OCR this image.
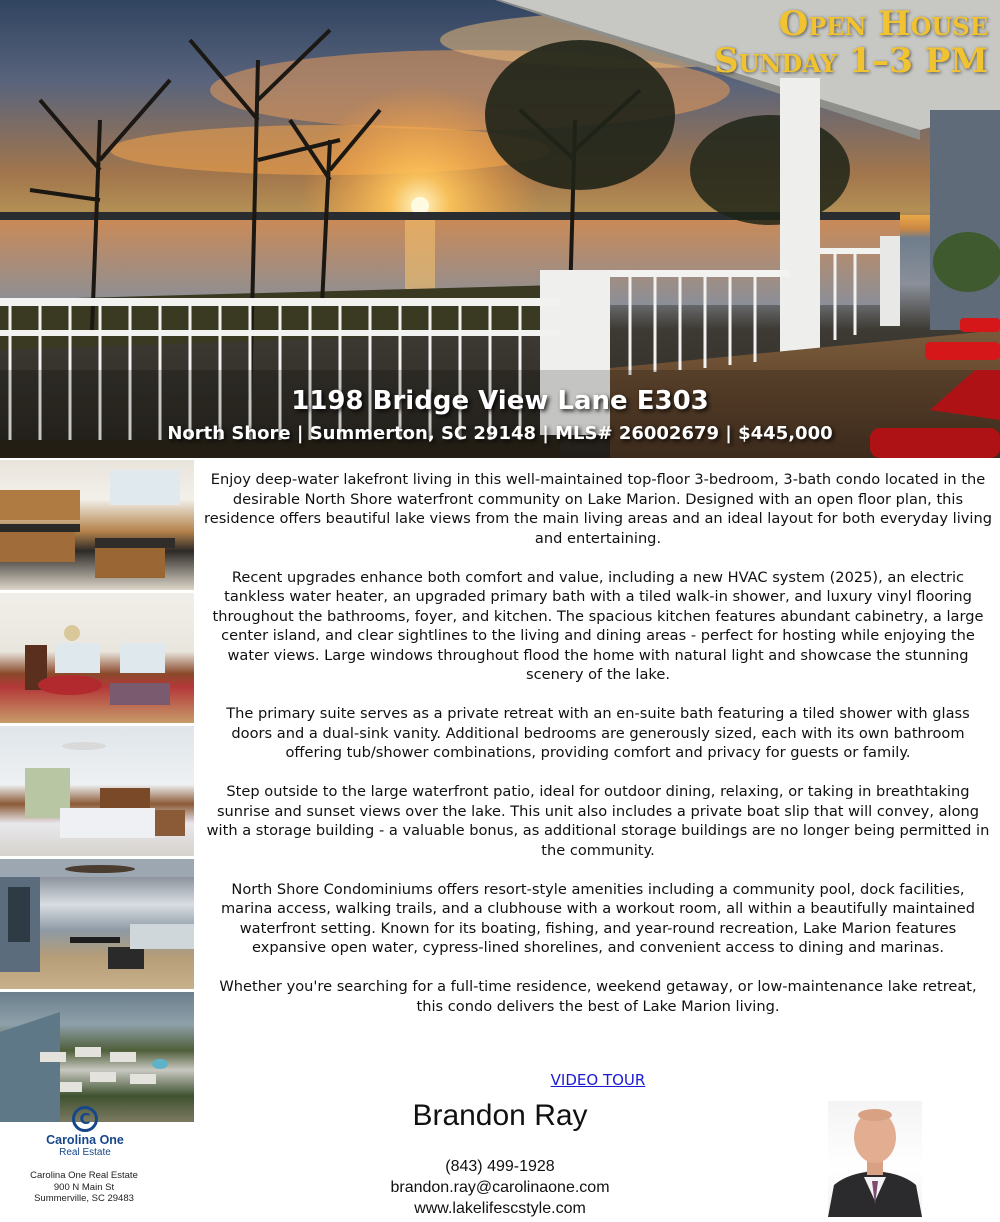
Open House
Sunday 1–3 PM
1198 Bridge View Lane E303
North Shore | Summerton, SC 29148 | MLS# 26002679 | $445,000

Enjoy deep-water lakefront living in this well-maintained top-floor 3-bedroom, 3-bath condo located in the desirable North Shore waterfront community on Lake Marion. Designed with an open floor plan, this residence offers beautiful lake views from the main living areas and an ideal layout for both everyday living and entertaining.

Recent upgrades enhance both comfort and value, including a new HVAC system (2025), an electric tankless water heater, an upgraded primary bath with a tiled walk-in shower, and luxury vinyl flooring throughout the bathrooms, foyer, and kitchen. The spacious kitchen features abundant cabinetry, a large center island, and clear sightlines to the living and dining areas - perfect for hosting while enjoying the water views. Large windows throughout flood the home with natural light and showcase the stunning scenery of the lake.

The primary suite serves as a private retreat with an en-suite bath featuring a tiled shower with glass doors and a dual-sink vanity. Additional bedrooms are generously sized, each with its own bathroom offering tub/shower combinations, providing comfort and privacy for guests or family.

Step outside to the large waterfront patio, ideal for outdoor dining, relaxing, or taking in breathtaking sunrise and sunset views over the lake. This unit also includes a private boat slip that will convey, along with a storage building - a valuable bonus, as additional storage buildings are no longer being permitted in the community.

North Shore Condominiums offers resort-style amenities including a community pool, dock facilities, marina access, walking trails, and a clubhouse with a workout room, all within a beautifully maintained waterfront setting. Known for its boating, fishing, and year-round recreation, Lake Marion features expansive open water, cypress-lined shorelines, and convenient access to dining and marinas.

Whether you're searching for a full-time residence, weekend getaway, or low-maintenance lake retreat, this condo delivers the best of Lake Marion living.

VIDEO TOUR
C
Carolina One
Real Estate
Carolina One Real Estate
900 N Main St
Summerville, SC 29483
Brandon Ray
(843) 499-1928
brandon.ray@carolinaone.com
www.lakelifescstyle.com
